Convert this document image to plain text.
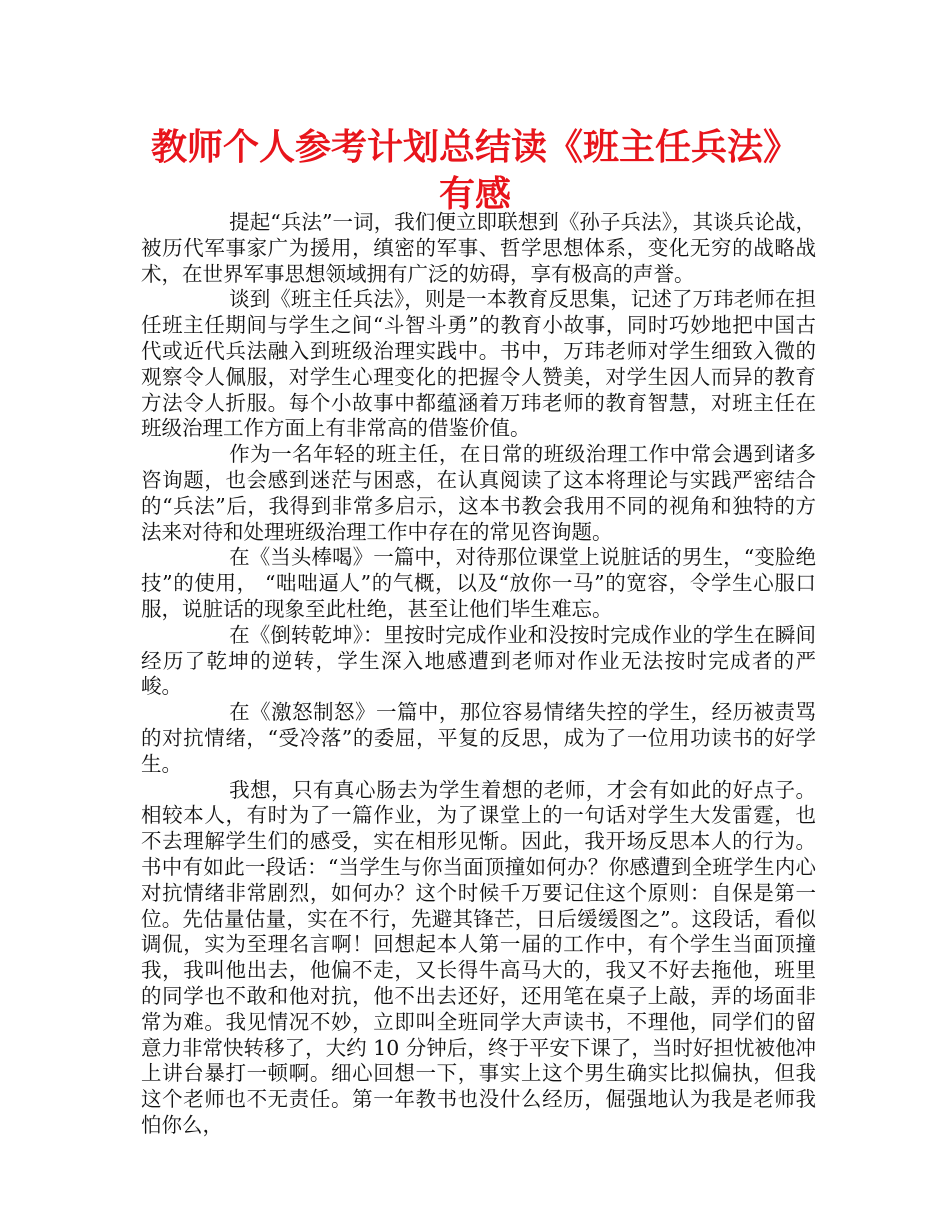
教师个人参考计划总结读《班主任兵法》
有感

提起“兵法”一词，我们便立即联想到《孙子兵法》，其谈兵论战，被历代军事家广为援用，缜密的军事、哲学思想体系，变化无穷的战略战术，在世界军事思想领域拥有广泛的妨碍，享有极高的声誉。

谈到《班主任兵法》，则是一本教育反思集，记述了万玮老师在担任班主任期间与学生之间“斗智斗勇”的教育小故事，同时巧妙地把中国古代或近代兵法融入到班级治理实践中。书中，万玮老师对学生细致入微的观察令人佩服，对学生心理变化的把握令人赞美，对学生因人而异的教育方法令人折服。每个小故事中都蕴涵着万玮老师的教育智慧，对班主任在班级治理工作方面上有非常高的借鉴价值。

作为一名年轻的班主任，在日常的班级治理工作中常会遇到诸多咨询题，也会感到迷茫与困惑，在认真阅读了这本将理论与实践严密结合的“兵法”后，我得到非常多启示，这本书教会我用不同的视角和独特的方法来对待和处理班级治理工作中存在的常见咨询题。

在《当头棒喝》一篇中，对待那位课堂上说脏话的男生，“变脸绝技”的使用， “咄咄逼人”的气概，以及“放你一马”的宽容，令学生心服口服，说脏话的现象至此杜绝，甚至让他们毕生难忘。

在《倒转乾坤》：里按时完成作业和没按时完成作业的学生在瞬间经历了乾坤的逆转，学生深入地感遭到老师对作业无法按时完成者的严峻。

在《激怒制怒》一篇中，那位容易情绪失控的学生，经历被责骂的对抗情绪，“受冷落”的委屈，平复的反思，成为了一位用功读书的好学生。

我想，只有真心肠去为学生着想的老师，才会有如此的好点子。相较本人，有时为了一篇作业，为了课堂上的一句话对学生大发雷霆，也不去理解学生们的感受，实在相形见惭。因此，我开场反思本人的行为。书中有如此一段话：“当学生与你当面顶撞如何办？你感遭到全班学生内心对抗情绪非常剧烈，如何办？这个时候千万要记住这个原则：自保是第一位。先估量估量，实在不行，先避其锋芒，日后缓缓图之”。这段话，看似调侃，实为至理名言啊！回想起本人第一届的工作中，有个学生当面顶撞我，我叫他出去，他偏不走，又长得牛高马大的，我又不好去拖他，班里的同学也不敢和他对抗，他不出去还好，还用笔在桌子上敲，弄的场面非常为难。我见情况不妙，立即叫全班同学大声读书，不理他，同学们的留意力非常快转移了，大约 10 分钟后，终于平安下课了，当时好担忧被他冲上讲台暴打一顿啊。细心回想一下，事实上这个男生确实比拟偏执，但我这个老师也不无责任。第一年教书也没什么经历，倔强地认为我是老师我怕你么，
